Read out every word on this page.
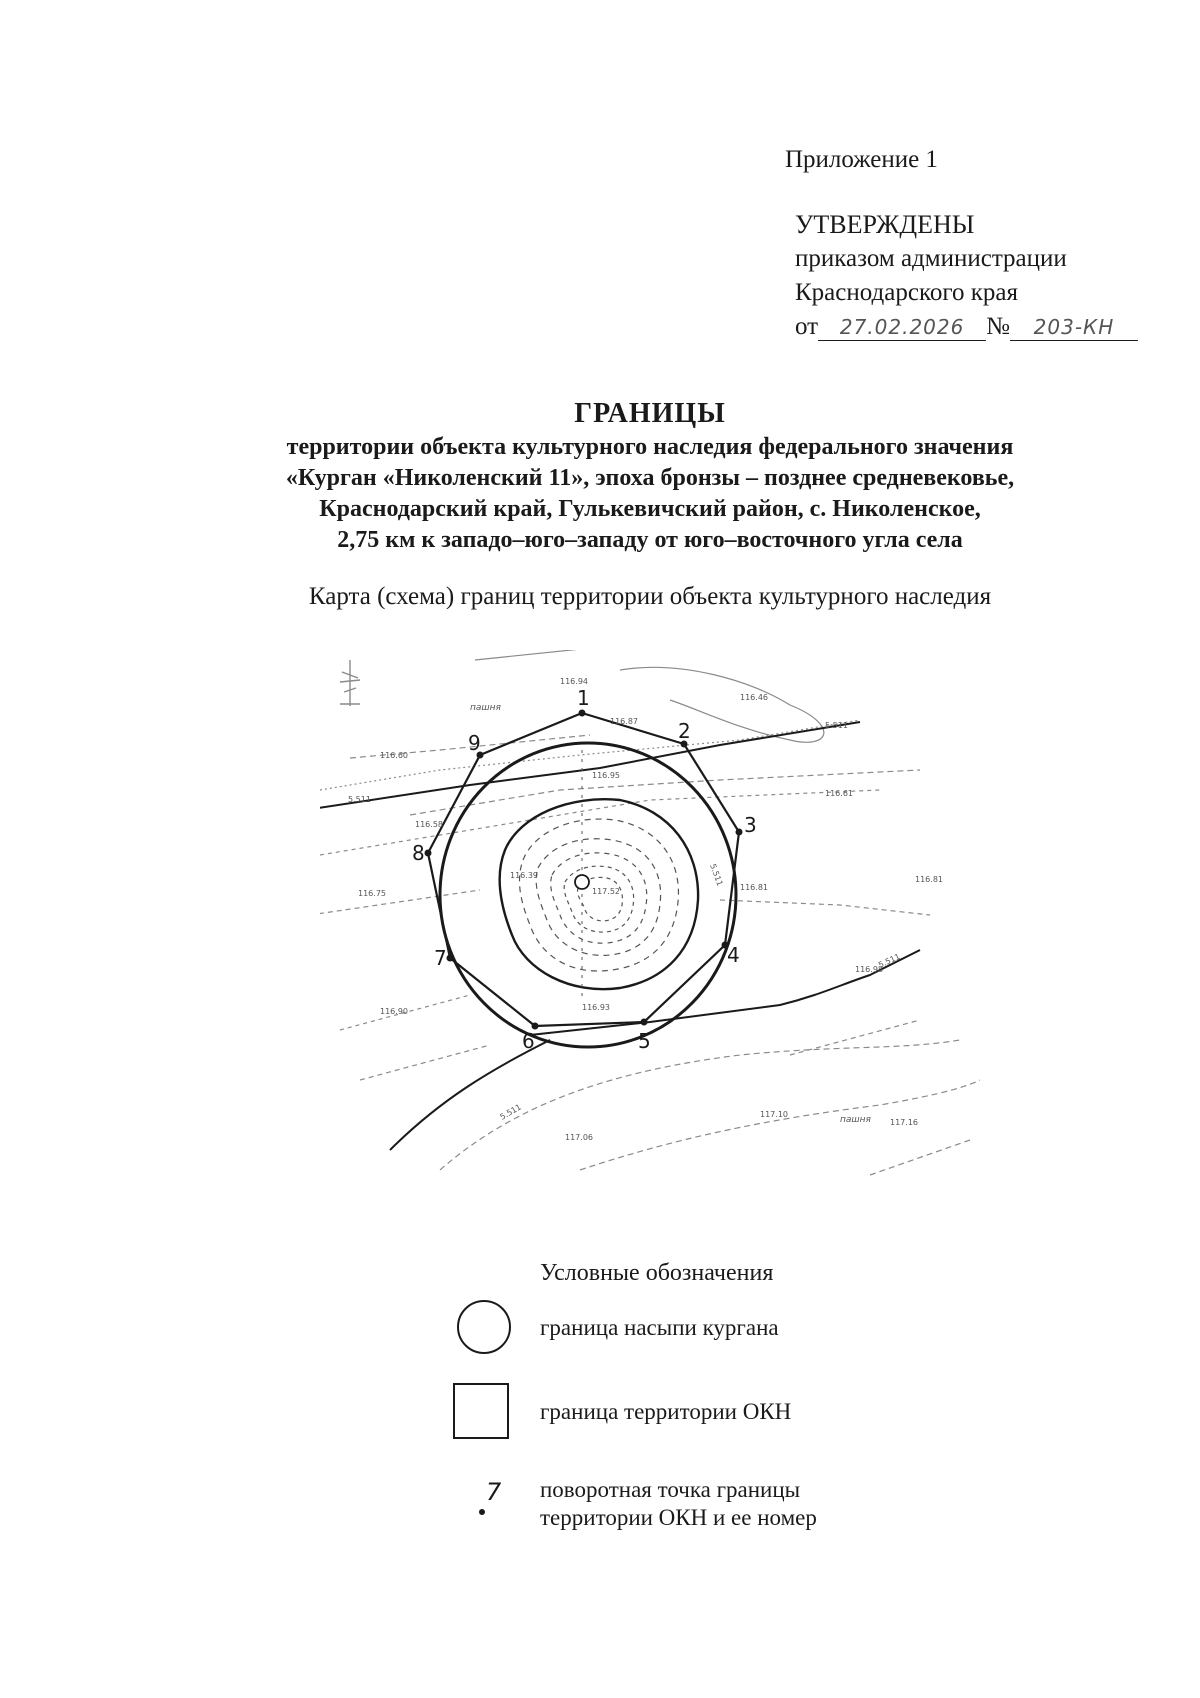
Приложение 1
УТВЕРЖДЕНЫ
приказом администрации
Краснодарского края
от	27.02.2026 №	203-КН
ГРАНИЦЫ
территории объекта культурного наследия федерального значения
«Курган «Николенский 11», эпоха бронзы – позднее средневековье,
Краснодарский край, Гулькевичский район, с. Николенское,
2,75 км к западо–юго–западу от юго–восточного угла села
Карта (схема) границ территории объекта культурного наследия
1
2
3
4
5
6
7
8
9
116.94
116.46
116.87
116.60
116.95
116.61
116.58
116.39
116.75
116.81
116.81
117.52
116.98
116.93
116.90
117.10
117.06
117.16
5.511
5.511
5.511
5.511
5.511
пашня
пашня
Условные обозначения
граница насыпи кургана
граница территории ОКН
7 поворотная точка границы
территории ОКН и ее номер
